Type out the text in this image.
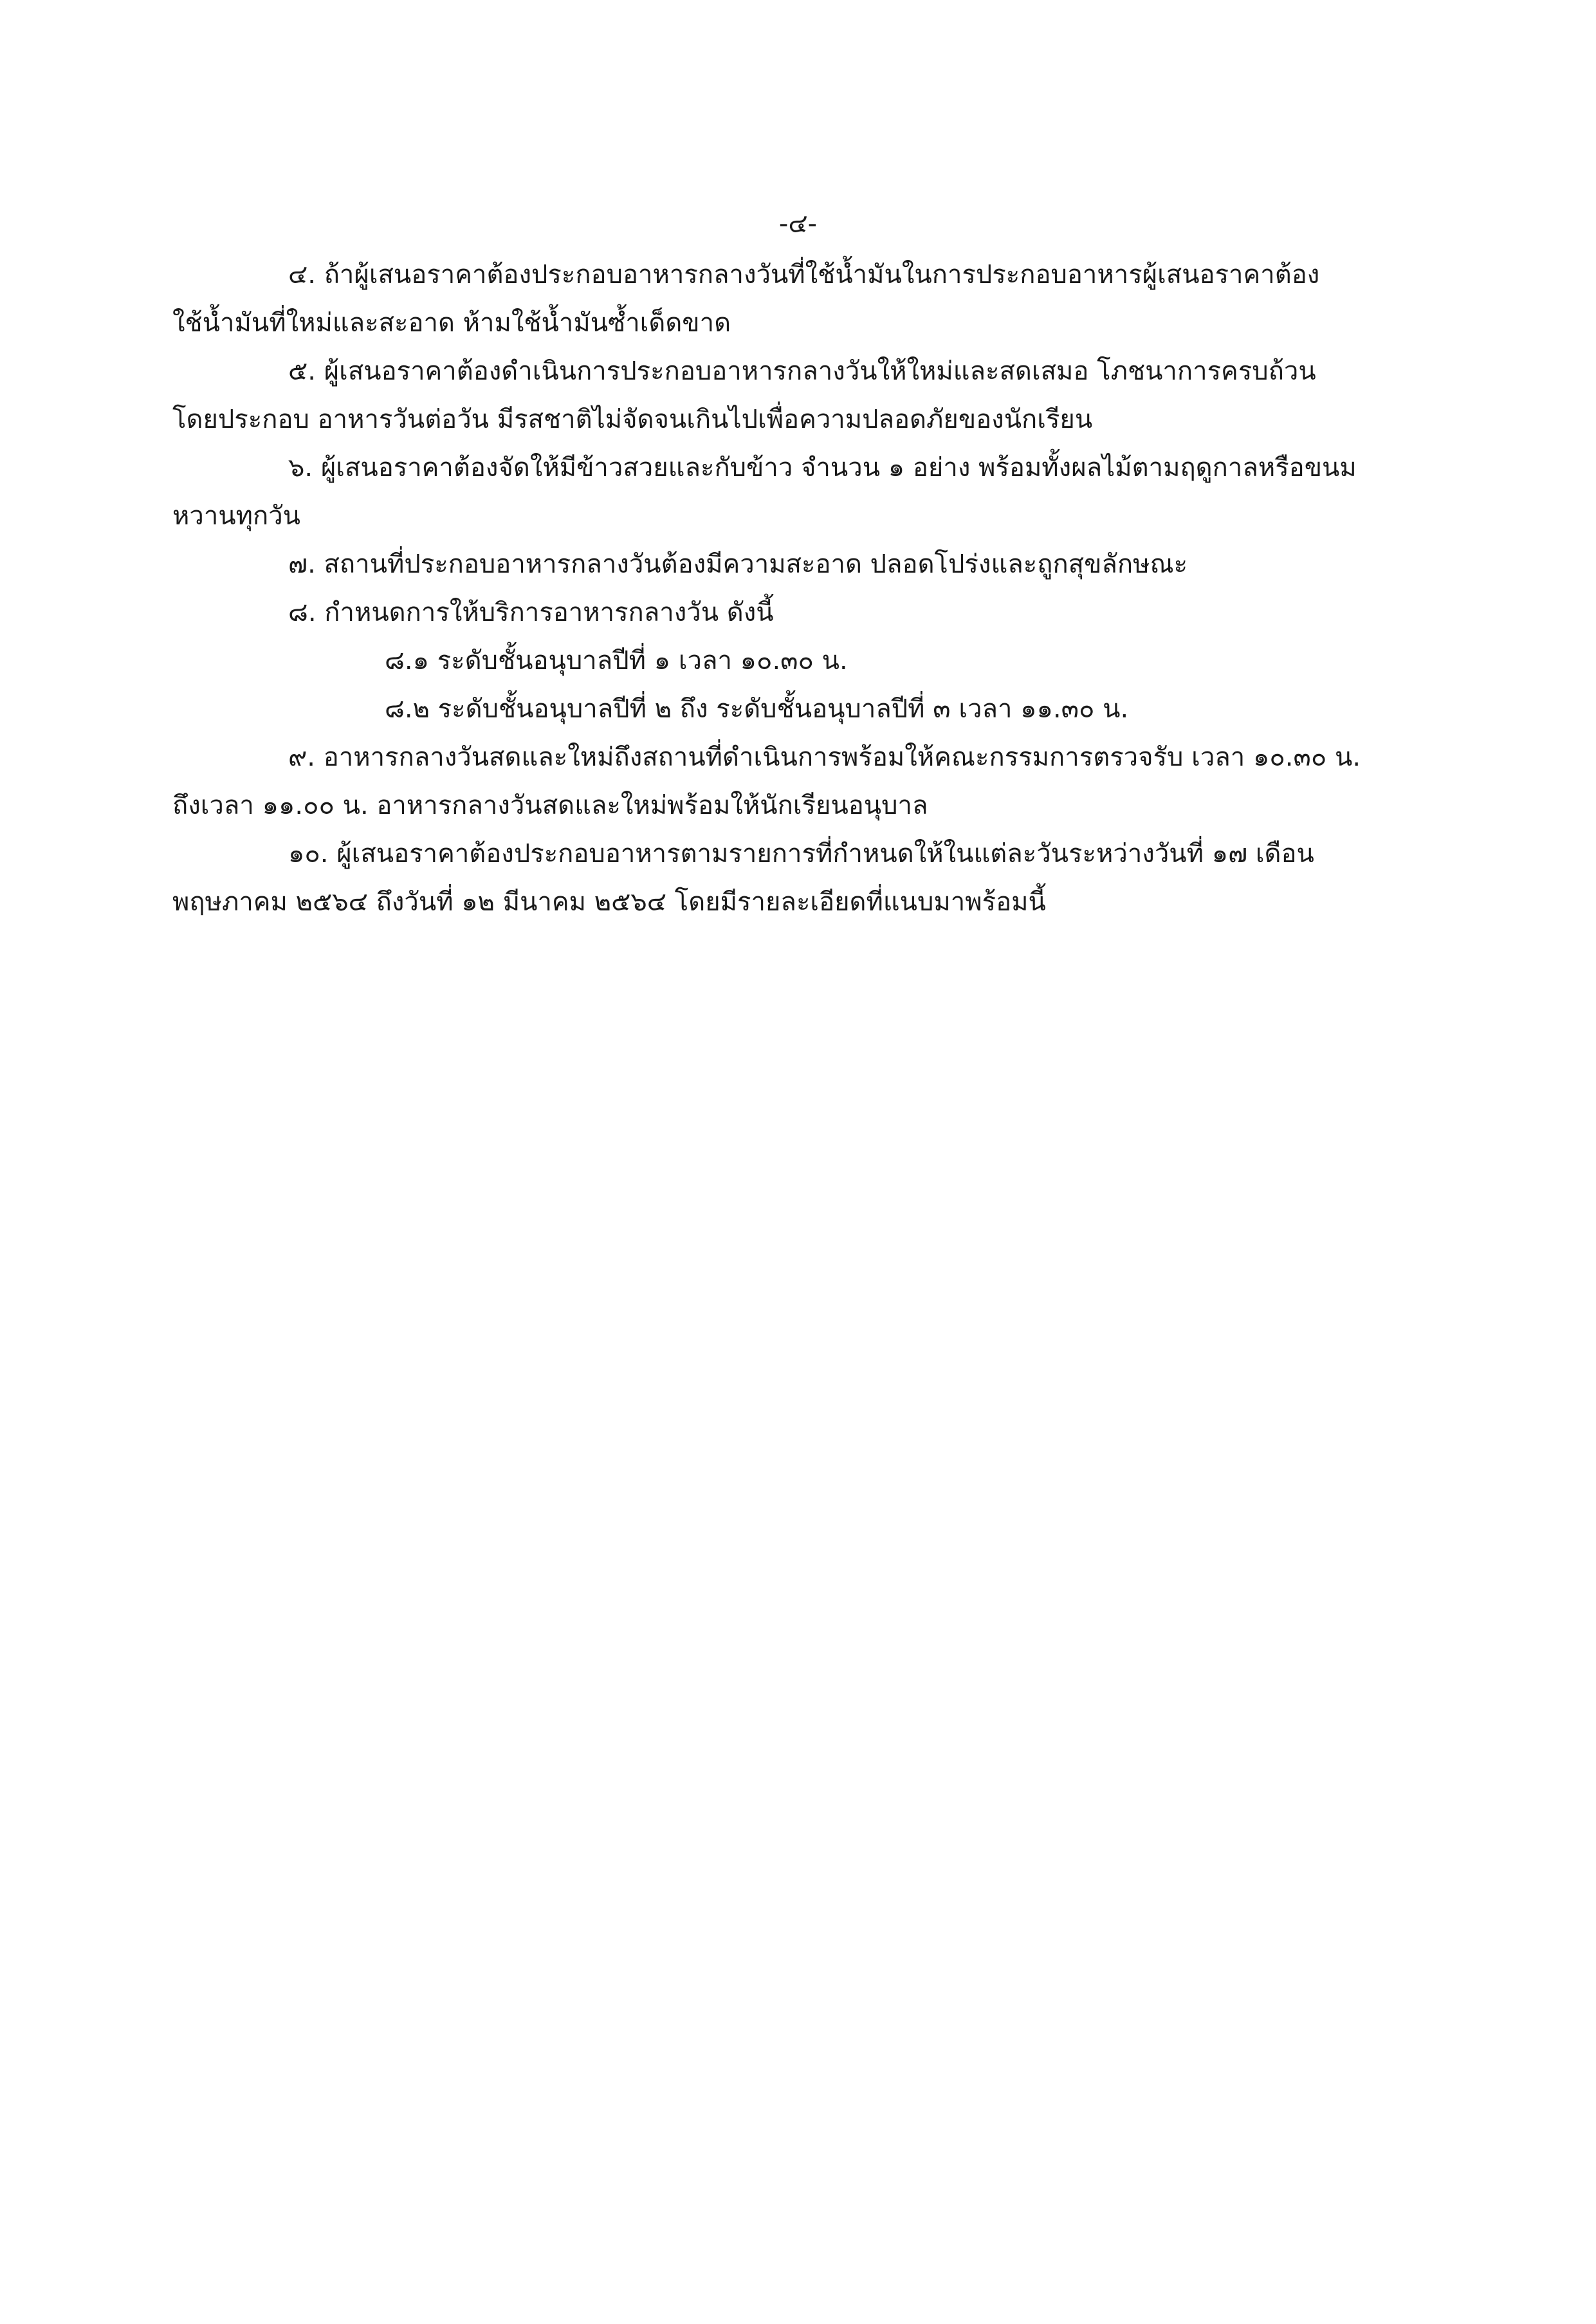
-๔-
๔. ถ้าผู้เสนอราคาต้องประกอบอาหารกลางวันที่ใช้น้ำมันในการประกอบอาหารผู้เสนอราคาต้อง
ใช้น้ำมันที่ใหม่และสะอาด ห้ามใช้น้ำมันซ้ำเด็ดขาด
๕. ผู้เสนอราคาต้องดำเนินการประกอบอาหารกลางวันให้ใหม่และสดเสมอ โภชนาการครบถ้วน
โดยประกอบ อาหารวันต่อวัน มีรสชาติไม่จัดจนเกินไปเพื่อความปลอดภัยของนักเรียน
๖. ผู้เสนอราคาต้องจัดให้มีข้าวสวยและกับข้าว จำนวน ๑ อย่าง พร้อมทั้งผลไม้ตามฤดูกาลหรือขนม
หวานทุกวัน
๗. สถานที่ประกอบอาหารกลางวันต้องมีความสะอาด ปลอดโปร่งและถูกสุขลักษณะ
๘. กำหนดการให้บริการอาหารกลางวัน ดังนี้
๘.๑ ระดับชั้นอนุบาลปีที่ ๑ เวลา ๑๐.๓๐ น.
๘.๒ ระดับชั้นอนุบาลปีที่ ๒ ถึง ระดับชั้นอนุบาลปีที่ ๓ เวลา ๑๑.๓๐ น.
๙. อาหารกลางวันสดและใหม่ถึงสถานที่ดำเนินการพร้อมให้คณะกรรมการตรวจรับ เวลา ๑๐.๓๐ น.
ถึงเวลา ๑๑.๐๐ น. อาหารกลางวันสดและใหม่พร้อมให้นักเรียนอนุบาล
๑๐. ผู้เสนอราคาต้องประกอบอาหารตามรายการที่กำหนดให้ในแต่ละวันระหว่างวันที่ ๑๗ เดือน
พฤษภาคม ๒๕๖๔ ถึงวันที่ ๑๒ มีนาคม ๒๕๖๔ โดยมีรายละเอียดที่แนบมาพร้อมนี้
